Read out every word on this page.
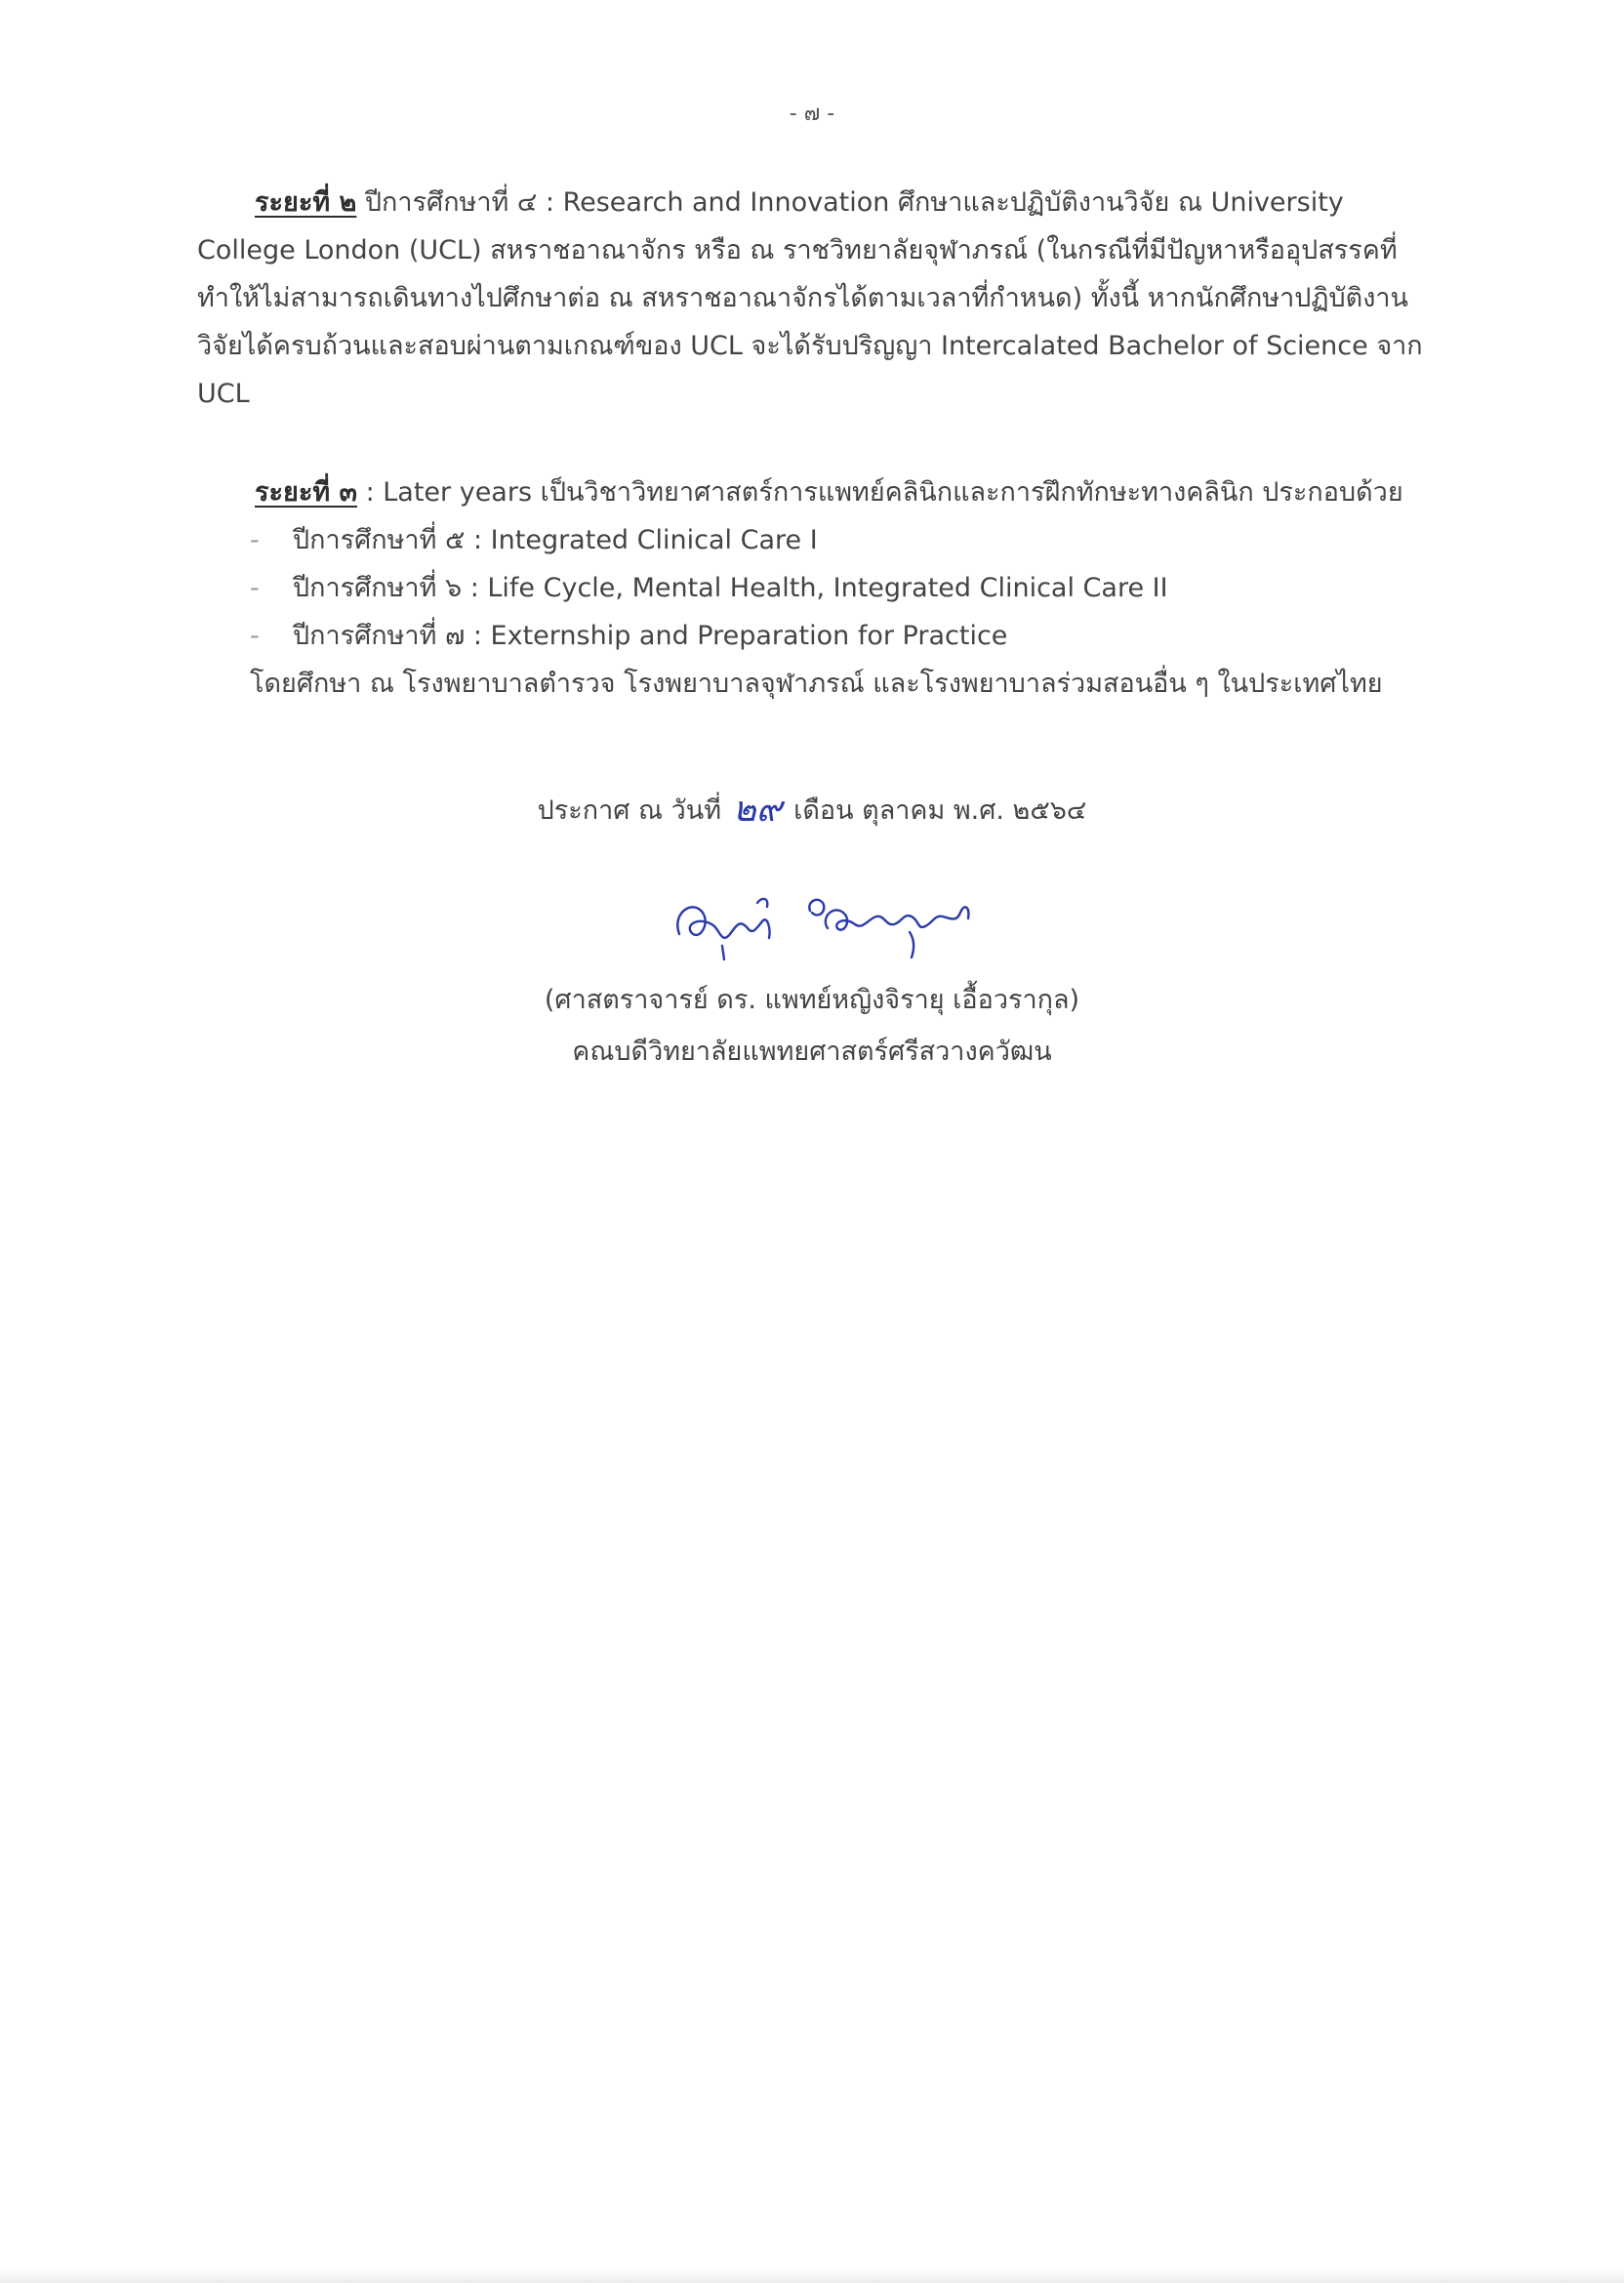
- ๗ -
ระยะที่ ๒ ปีการศึกษาที่ ๔ : Research and Innovation ศึกษาและปฏิบัติงานวิจัย ณ University College London (UCL) สหราชอาณาจักร หรือ ณ ราชวิทยาลัยจุฬาภรณ์ (ในกรณีที่มีปัญหาหรืออุปสรรคที่ทำให้ไม่สามารถเดินทางไปศึกษาต่อ ณ สหราชอาณาจักรได้ตามเวลาที่กำหนด) ทั้งนี้ หากนักศึกษาปฏิบัติงานวิจัยได้ครบถ้วนและสอบผ่านตามเกณฑ์ของ UCL จะได้รับปริญญา Intercalated Bachelor of Science จาก UCL
ระยะที่ ๓ : Later years เป็นวิชาวิทยาศาสตร์การแพทย์คลินิกและการฝึกทักษะทางคลินิก ประกอบด้วย
- ปีการศึกษาที่ ๕ : Integrated Clinical Care I
- ปีการศึกษาที่ ๖ : Life Cycle, Mental Health, Integrated Clinical Care II
- ปีการศึกษาที่ ๗ : Externship and Preparation for Practice
โดยศึกษา ณ โรงพยาบาลตำรวจ โรงพยาบาลจุฬาภรณ์ และโรงพยาบาลร่วมสอนอื่น ๆ ในประเทศไทย
ประกาศ ณ วันที่ ๒๙ เดือน ตุลาคม พ.ศ. ๒๕๖๔
(ศาสตราจารย์ ดร. แพทย์หญิงจิรายุ เอื้อวรากุล)
คณบดีวิทยาลัยแพทยศาสตร์ศรีสวางควัฒน
